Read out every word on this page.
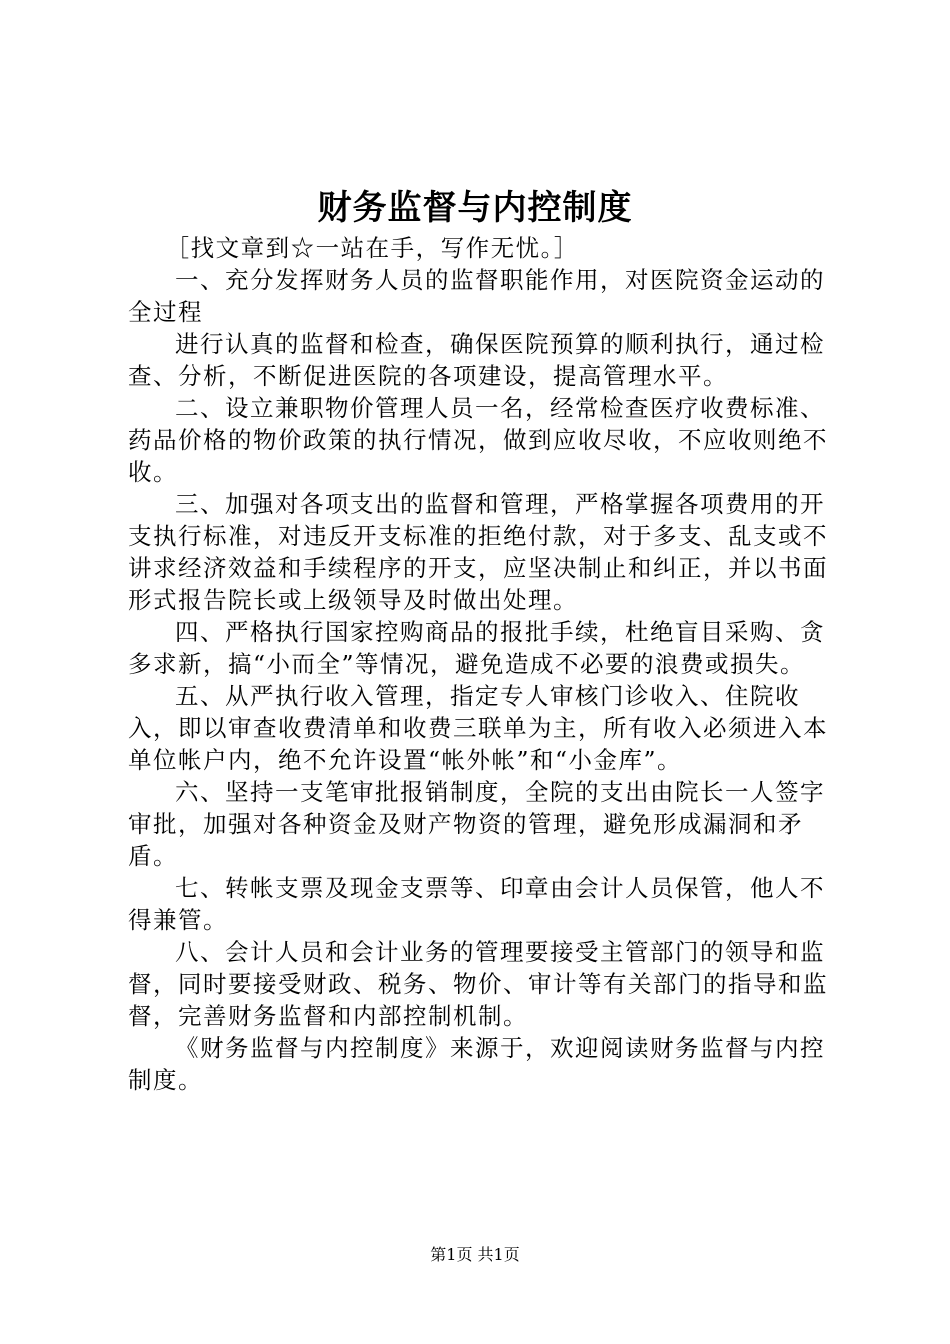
财务监督与内控制度

［找文章到☆一站在手，写作无忧。］

一、充分发挥财务人员的监督职能作用，对医院资金运动的全过程

进行认真的监督和检查，确保医院预算的顺利执行，通过检查、分析，不断促进医院的各项建设，提高管理水平。

二、设立兼职物价管理人员一名，经常检查医疗收费标准、药品价格的物价政策的执行情况，做到应收尽收，不应收则绝不收。

三、加强对各项支出的监督和管理，严格掌握各项费用的开支执行标准，对违反开支标准的拒绝付款，对于多支、乱支或不讲求经济效益和手续程序的开支，应坚决制止和纠正，并以书面形式报告院长或上级领导及时做出处理。

四、严格执行国家控购商品的报批手续，杜绝盲目采购、贪多求新，搞“小而全”等情况，避免造成不必要的浪费或损失。

五、从严执行收入管理，指定专人审核门诊收入、住院收入，即以审查收费清单和收费三联单为主，所有收入必须进入本单位帐户内，绝不允许设置“帐外帐”和“小金库”。

六、坚持一支笔审批报销制度，全院的支出由院长一人签字审批，加强对各种资金及财产物资的管理，避免形成漏洞和矛盾。

七、转帐支票及现金支票等、印章由会计人员保管，他人不得兼管。

八、会计人员和会计业务的管理要接受主管部门的领导和监督，同时要接受财政、税务、物价、审计等有关部门的指导和监督，完善财务监督和内部控制机制。

《财务监督与内控制度》来源于，欢迎阅读财务监督与内控制度。

第1页 共1页
